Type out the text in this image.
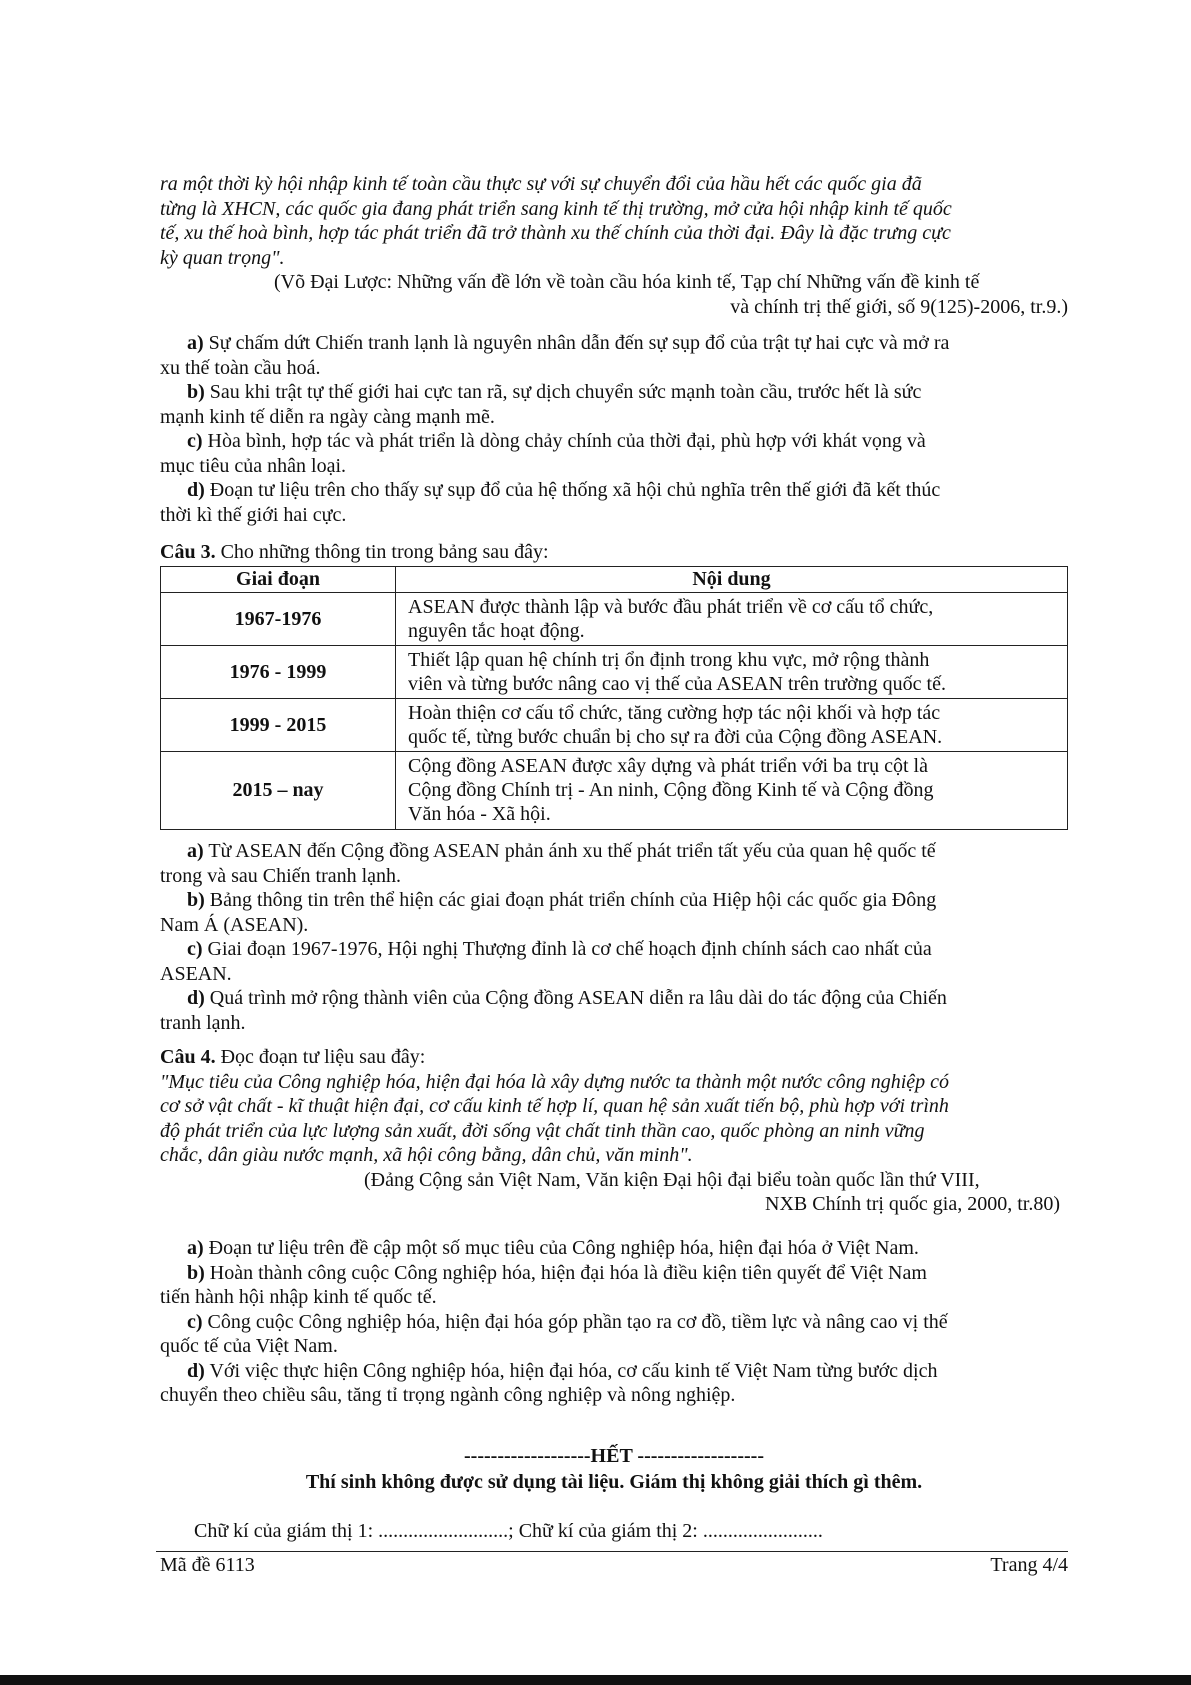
ra một thời kỳ hội nhập kinh tế toàn cầu thực sự với sự chuyển đổi của hầu hết các quốc gia đã
từng là XHCN, các quốc gia đang phát triển sang kinh tế thị trường, mở cửa hội nhập kinh tế quốc
tế, xu thế hoà bình, hợp tác phát triển đã trở thành xu thế chính của thời đại. Đây là đặc trưng cực
kỳ quan trọng".
(Võ Đại Lược: Những vấn đề lớn về toàn cầu hóa kinh tế, Tạp chí Những vấn đề kinh tế
và chính trị thế giới, số 9(125)-2006, tr.9.)
a) Sự chấm dứt Chiến tranh lạnh là nguyên nhân dẫn đến sự sụp đổ của trật tự hai cực và mở ra
xu thế toàn cầu hoá.
b) Sau khi trật tự thế giới hai cực tan rã, sự dịch chuyển sức mạnh toàn cầu, trước hết là sức
mạnh kinh tế diễn ra ngày càng mạnh mẽ.
c) Hòa bình, hợp tác và phát triển là dòng chảy chính của thời đại, phù hợp với khát vọng và
mục tiêu của nhân loại.
d) Đoạn tư liệu trên cho thấy sự sụp đổ của hệ thống xã hội chủ nghĩa trên thế giới đã kết thúc
thời kì thế giới hai cực.
Câu 3. Cho những thông tin trong bảng sau đây:
Giai đoạn	Nội dung
1967-1976	ASEAN được thành lập và bước đầu phát triển về cơ cấu tổ chức,
nguyên tắc hoạt động.

1976 - 1999	Thiết lập quan hệ chính trị ổn định trong khu vực, mở rộng thành
viên và từng bước nâng cao vị thế của ASEAN trên trường quốc tế.

1999 - 2015	Hoàn thiện cơ cấu tổ chức, tăng cường hợp tác nội khối và hợp tác
quốc tế, từng bước chuẩn bị cho sự ra đời của Cộng đồng ASEAN.

2015 – nay	Cộng đồng ASEAN được xây dựng và phát triển với ba trụ cột là
Cộng đồng Chính trị - An ninh, Cộng đồng Kinh tế và Cộng đồng
Văn hóa - Xã hội.
a) Từ ASEAN đến Cộng đồng ASEAN phản ánh xu thế phát triển tất yếu của quan hệ quốc tế
trong và sau Chiến tranh lạnh.
b) Bảng thông tin trên thể hiện các giai đoạn phát triển chính của Hiệp hội các quốc gia Đông
Nam Á (ASEAN).
c) Giai đoạn 1967-1976, Hội nghị Thượng đỉnh là cơ chế hoạch định chính sách cao nhất của
ASEAN.
d) Quá trình mở rộng thành viên của Cộng đồng ASEAN diễn ra lâu dài do tác động của Chiến
tranh lạnh.
Câu 4. Đọc đoạn tư liệu sau đây:
"Mục tiêu của Công nghiệp hóa, hiện đại hóa là xây dựng nước ta thành một nước công nghiệp có
cơ sở vật chất - kĩ thuật hiện đại, cơ cấu kinh tế hợp lí, quan hệ sản xuất tiến bộ, phù hợp với trình
độ phát triển của lực lượng sản xuất, đời sống vật chất tinh thần cao, quốc phòng an ninh vững
chắc, dân giàu nước mạnh, xã hội công bằng, dân chủ, văn minh".
(Đảng Cộng sản Việt Nam, Văn kiện Đại hội đại biểu toàn quốc lần thứ VIII,
NXB Chính trị quốc gia, 2000, tr.80)
a) Đoạn tư liệu trên đề cập một số mục tiêu của Công nghiệp hóa, hiện đại hóa ở Việt Nam.
b) Hoàn thành công cuộc Công nghiệp hóa, hiện đại hóa là điều kiện tiên quyết để Việt Nam
tiến hành hội nhập kinh tế quốc tế.
c) Công cuộc Công nghiệp hóa, hiện đại hóa góp phần tạo ra cơ đồ, tiềm lực và nâng cao vị thế
quốc tế của Việt Nam.
d) Với việc thực hiện Công nghiệp hóa, hiện đại hóa, cơ cấu kinh tế Việt Nam từng bước dịch
chuyển theo chiều sâu, tăng tỉ trọng ngành công nghiệp và nông nghiệp.
-------------------HẾT -------------------
Thí sinh không được sử dụng tài liệu. Giám thị không giải thích gì thêm.
Chữ kí của giám thị 1: ..........................; Chữ kí của giám thị 2: ........................
Mã đề 6113	Trang 4/4
